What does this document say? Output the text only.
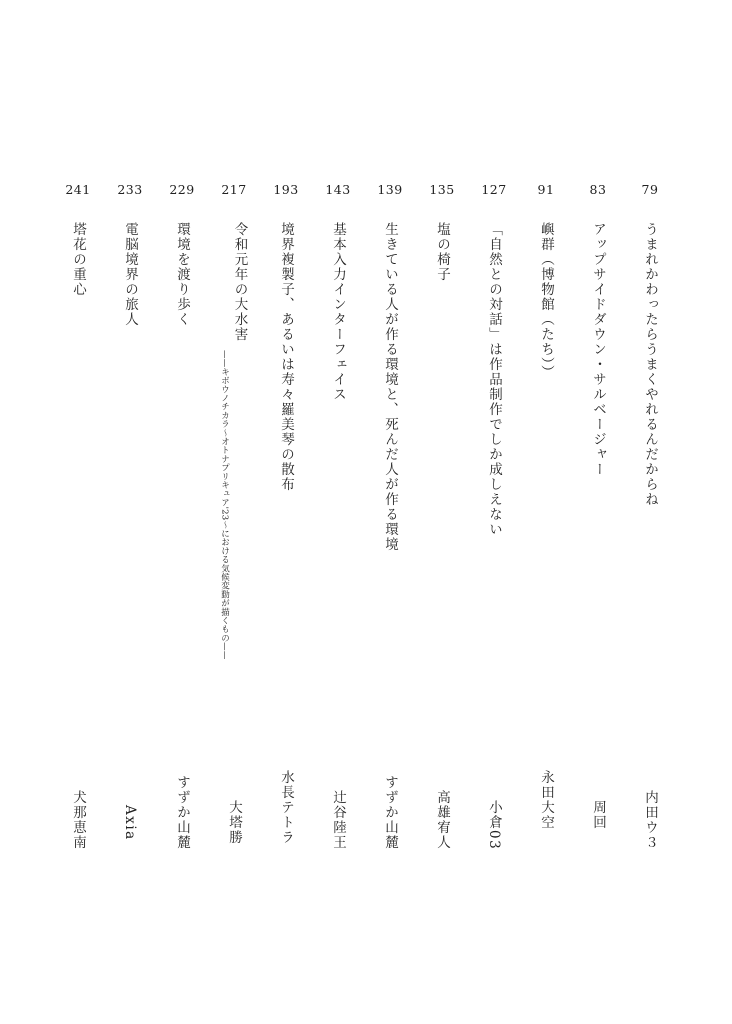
79
うまれかわったらうまくやれるんだからね
内田ウ３
83
アップサイドダウン・サルベージャー
周回
91
嶼群（博物館（たち））
永田大空
127
「自然との対話」は作品制作でしか成しえない
小倉03
135
塩の椅子
高雄宥人
139
生きている人が作る環境と、死んだ人が作る環境
すずか山麓
143
基本入力インターフェイス
辻谷陸王
193
境界複製子、あるいは寿々羅美琴の散布
水長テトラ
217
令和元年の大水害
——キボウノチカラ～オトナプリキュア'23～における気候変動が描くもの——
大塔勝
229
環境を渡り歩く
すずか山麓
233
電脳境界の旅人
Axia
241
塔花の重心
犬那恵南
